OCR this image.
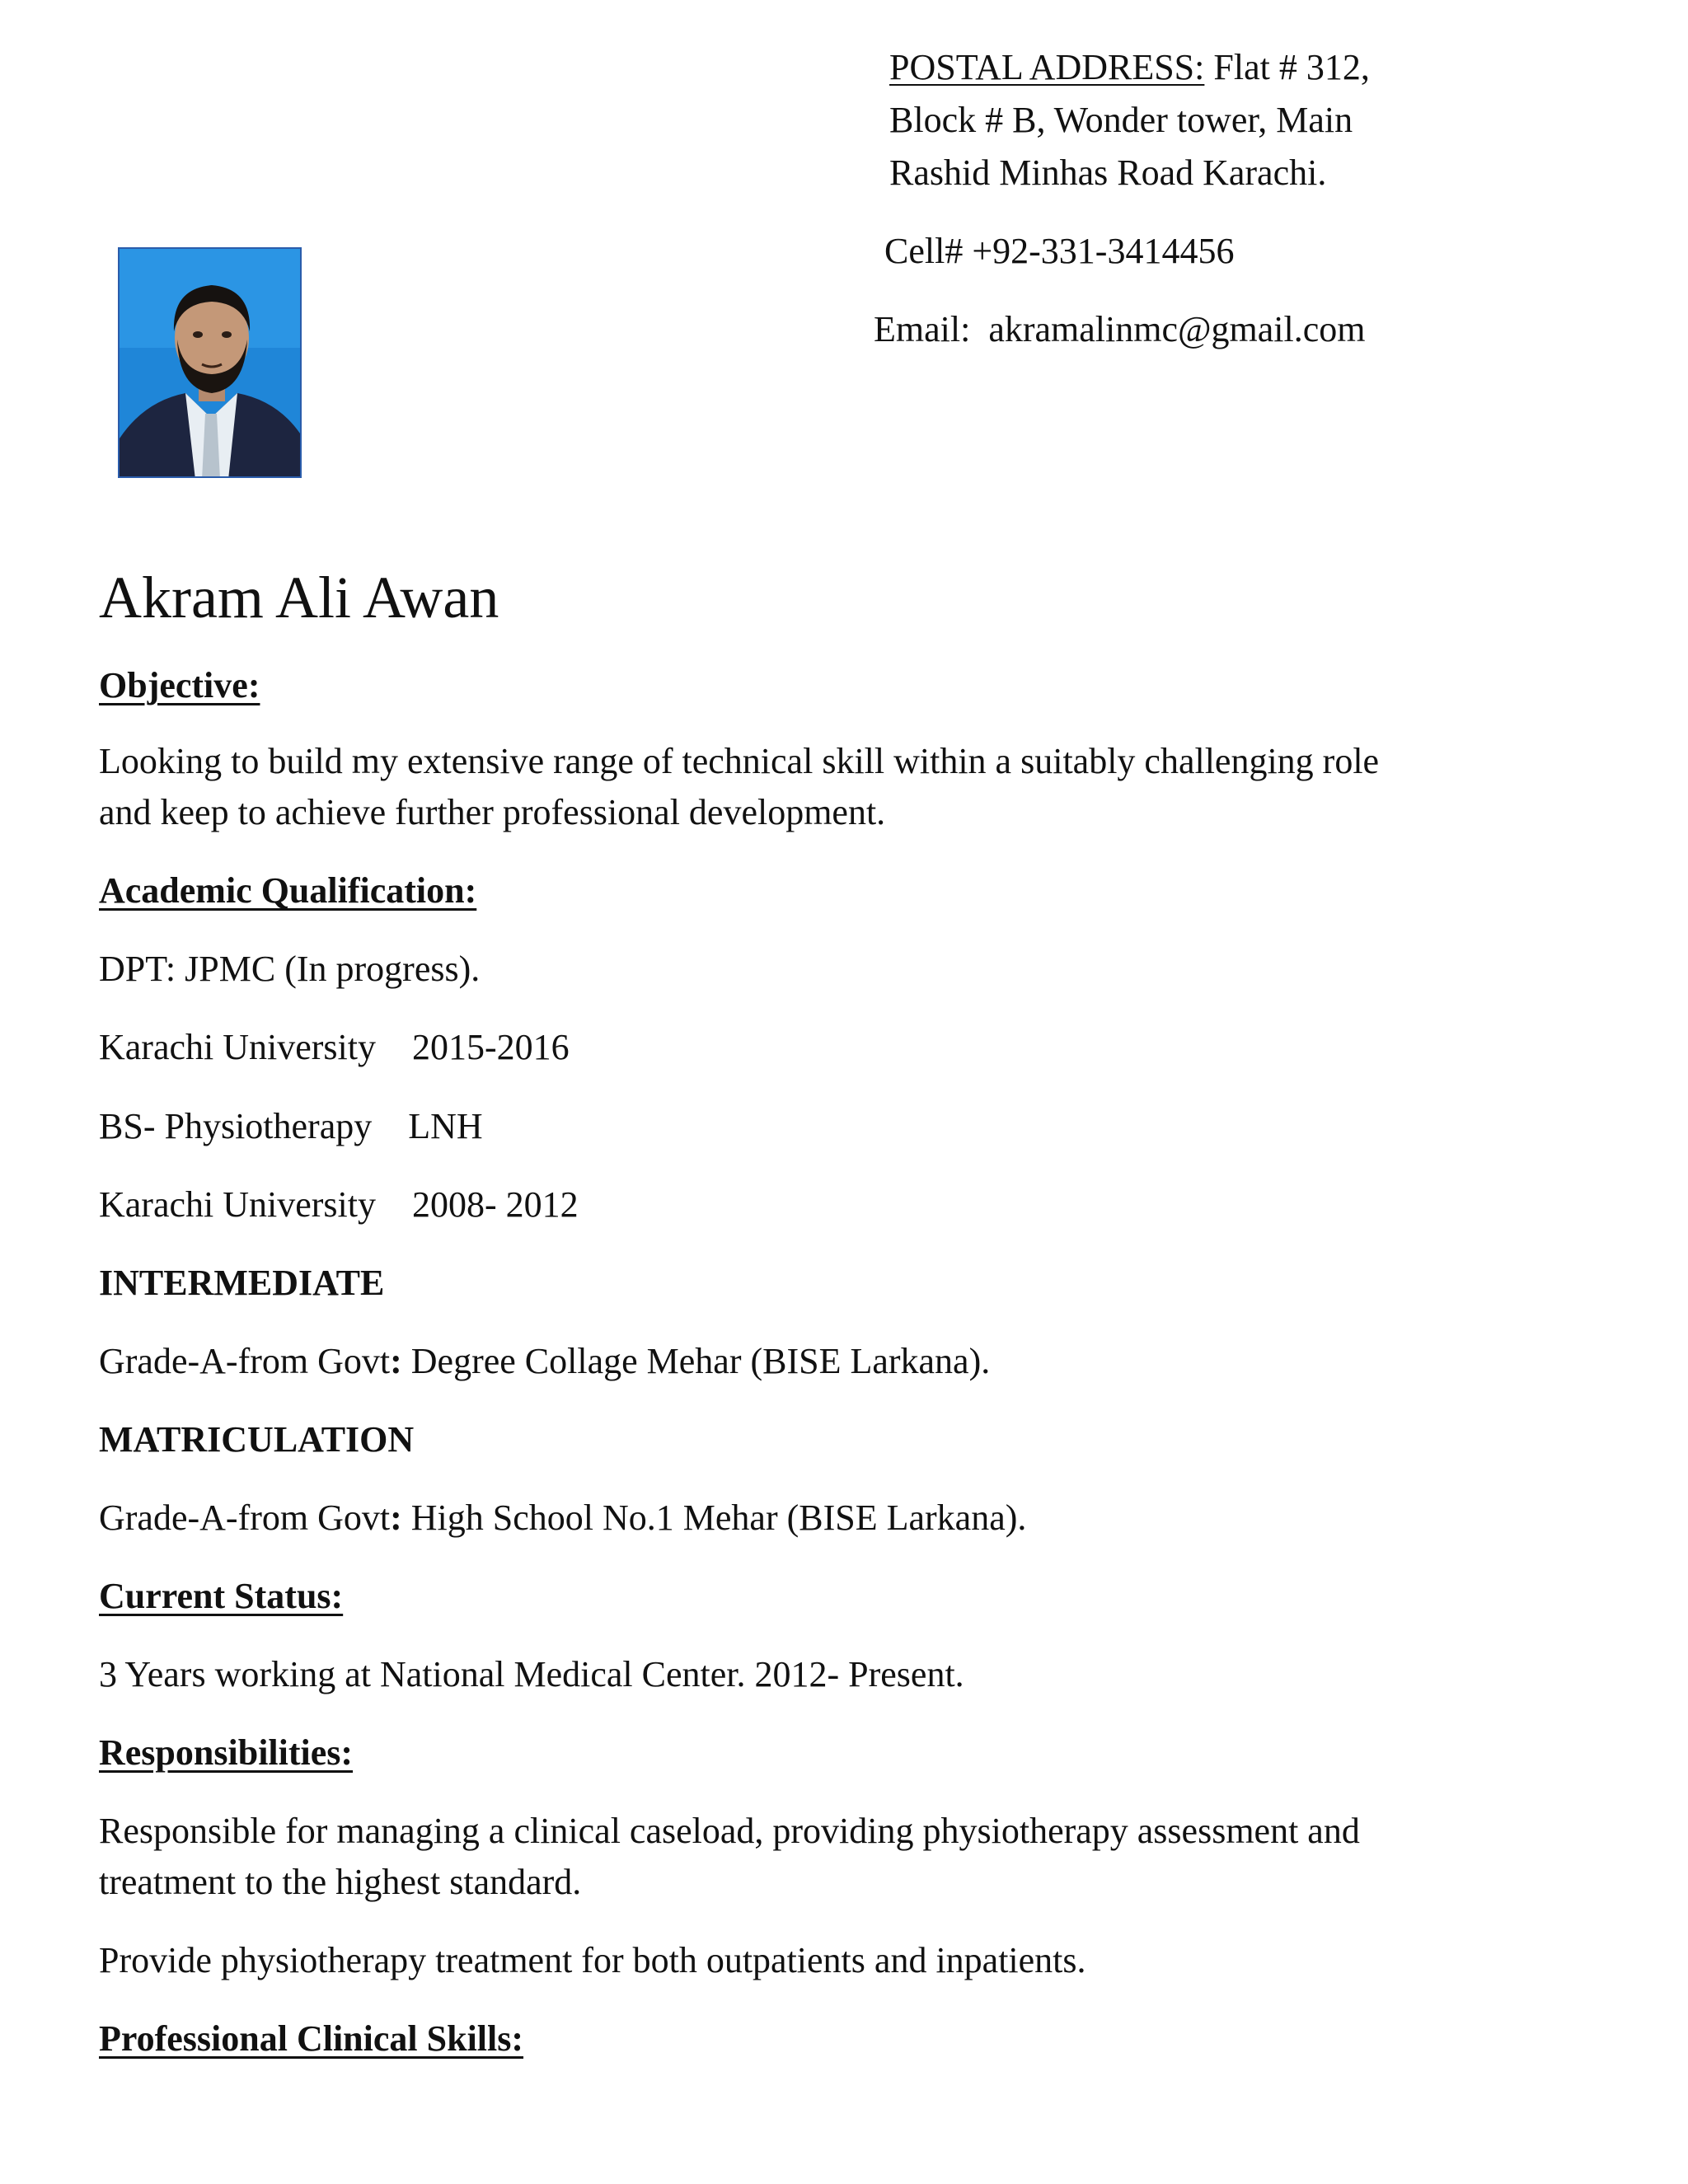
POSTAL ADDRESS: Flat # 312,
Block # B, Wonder tower, Main
Rashid Minhas Road Karachi.
Cell# +92-331-3414456
Email: akramalinmc@gmail.com
Akram Ali Awan
Objective:
Looking to build my extensive range of technical skill within a suitably challenging role
and keep to achieve further professional development.
Academic Qualification:
DPT: JPMC (In progress).
Karachi University 2015-2016
BS- Physiotherapy LNH
Karachi University 2008- 2012
INTERMEDIATE
Grade-A-from Govt: Degree Collage Mehar (BISE Larkana).
MATRICULATION
Grade-A-from Govt: High School No.1 Mehar (BISE Larkana).
Current Status:
3 Years working at National Medical Center. 2012- Present.
Responsibilities:
Responsible for managing a clinical caseload, providing physiotherapy assessment and
treatment to the highest standard.
Provide physiotherapy treatment for both outpatients and inpatients.
Professional Clinical Skills:
